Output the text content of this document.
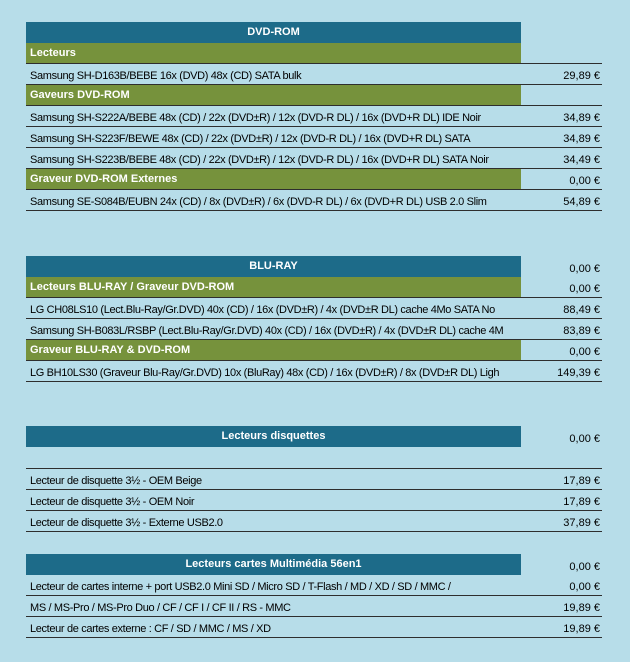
DVD-ROM
Lecteurs
Samsung SH-D163B/BEBE 16x (DVD) 48x (CD) SATA bulk	29,89 €
Gaveurs DVD-ROM
Samsung SH-S222A/BEBE 48x (CD) / 22x (DVD±R) / 12x (DVD-R DL) / 16x (DVD+R DL) IDE Noir	34,89 €
Samsung SH-S223F/BEWE 48x (CD) / 22x (DVD±R) / 12x (DVD-R DL) / 16x (DVD+R DL) SATA	34,89 €
Samsung SH-S223B/BEBE 48x (CD) / 22x (DVD±R) / 12x (DVD-R DL) / 16x (DVD+R DL) SATA Noir	34,49 €
Graveur DVD-ROM Externes	0,00 €
Samsung SE-S084B/EUBN 24x (CD) / 8x (DVD±R) / 6x (DVD-R DL) / 6x (DVD+R DL) USB 2.0 Slim	54,89 €
BLU-RAY	0,00 €
Lecteurs BLU-RAY / Graveur DVD-ROM	0,00 €
LG CH08LS10 (Lect.Blu-Ray/Gr.DVD) 40x (CD) / 16x (DVD±R) / 4x (DVD±R DL) cache 4Mo SATA No	88,49 €
Samsung SH-B083L/RSBP (Lect.Blu-Ray/Gr.DVD) 40x (CD) / 16x (DVD±R) / 4x (DVD±R DL) cache 4M	83,89 €
Graveur BLU-RAY & DVD-ROM	0,00 €
LG BH10LS30 (Graveur Blu-Ray/Gr.DVD) 10x (BluRay) 48x (CD) / 16x (DVD±R) / 8x (DVD±R DL) Ligh	149,39 €
Lecteurs disquettes	0,00 €
Lecteur de disquette 3½ - OEM Beige	17,89 €
Lecteur de disquette 3½ - OEM Noir	17,89 €
Lecteur de disquette 3½ - Externe USB2.0	37,89 €
Lecteurs cartes Multimédia 56en1	0,00 €
Lecteur de cartes interne + port USB2.0 Mini SD / Micro SD / T-Flash / MD / XD / SD / MMC /	0,00 €
MS / MS-Pro / MS-Pro Duo / CF / CF I / CF II / RS - MMC	19,89 €
Lecteur de cartes externe : CF / SD / MMC / MS / XD	19,89 €
